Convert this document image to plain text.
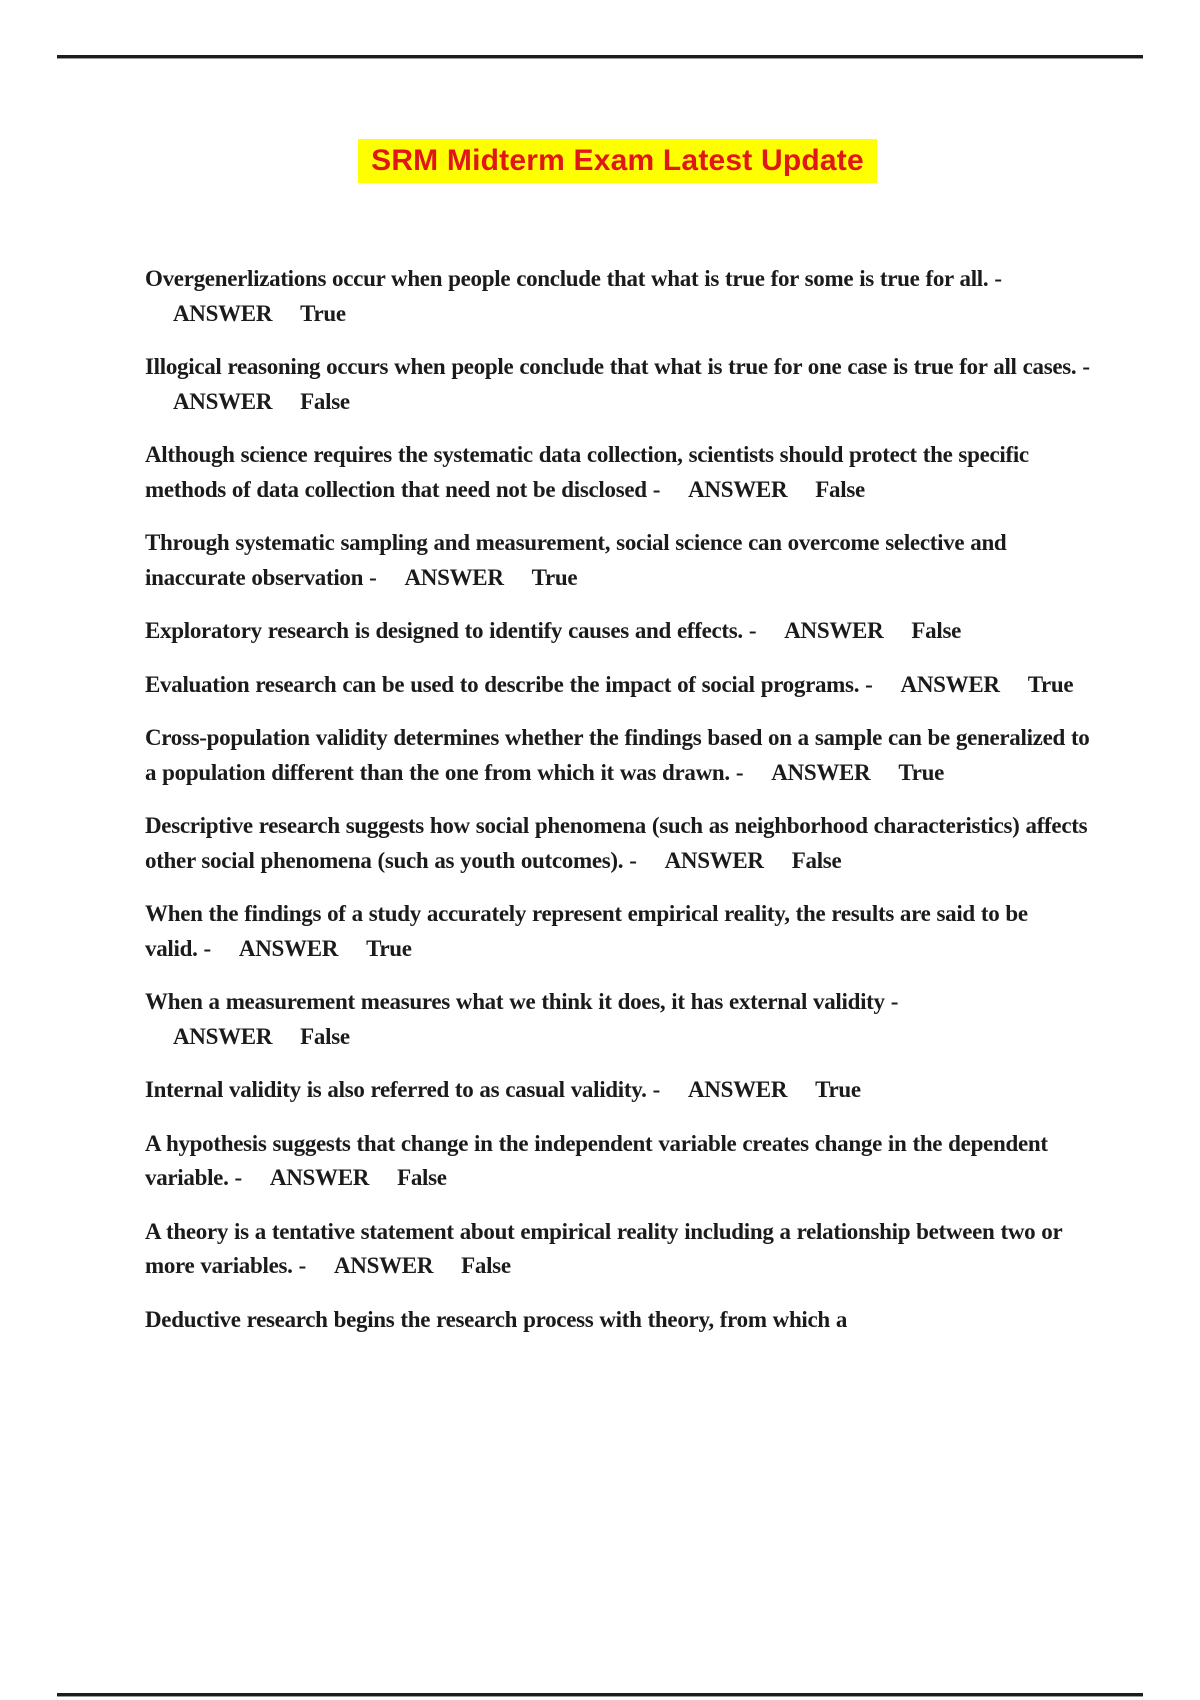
SRM Midterm Exam Latest Update

Overgenerlizations occur when people conclude that what is true for some is true for all. -ANSWER True

Illogical reasoning occurs when people conclude that what is true for one case is true for all cases. -ANSWER False

Although science requires the systematic data collection, scientists should protect the specific methods of data collection that need not be disclosed - ANSWER False

Through systematic sampling and measurement, social science can overcome selective and inaccurate observation - ANSWER True

Exploratory research is designed to identify causes and effects. - ANSWER False

Evaluation research can be used to describe the impact of social programs. - ANSWER True

Cross-population validity determines whether the findings based on a sample can be generalized to a population different than the one from which it was drawn. - ANSWER True

Descriptive research suggests how social phenomena (such as neighborhood characteristics) affects other social phenomena (such as youth outcomes). - ANSWER False

When the findings of a study accurately represent empirical reality, the results are said to be valid. - ANSWER True

When a measurement measures what we think it does, it has external validity -ANSWER False

Internal validity is also referred to as casual validity. - ANSWER True

A hypothesis suggests that change in the independent variable creates change in the dependent variable. - ANSWER False

A theory is a tentative statement about empirical reality including a relationship between two or more variables. - ANSWER False

Deductive research begins the research process with theory, from which a
